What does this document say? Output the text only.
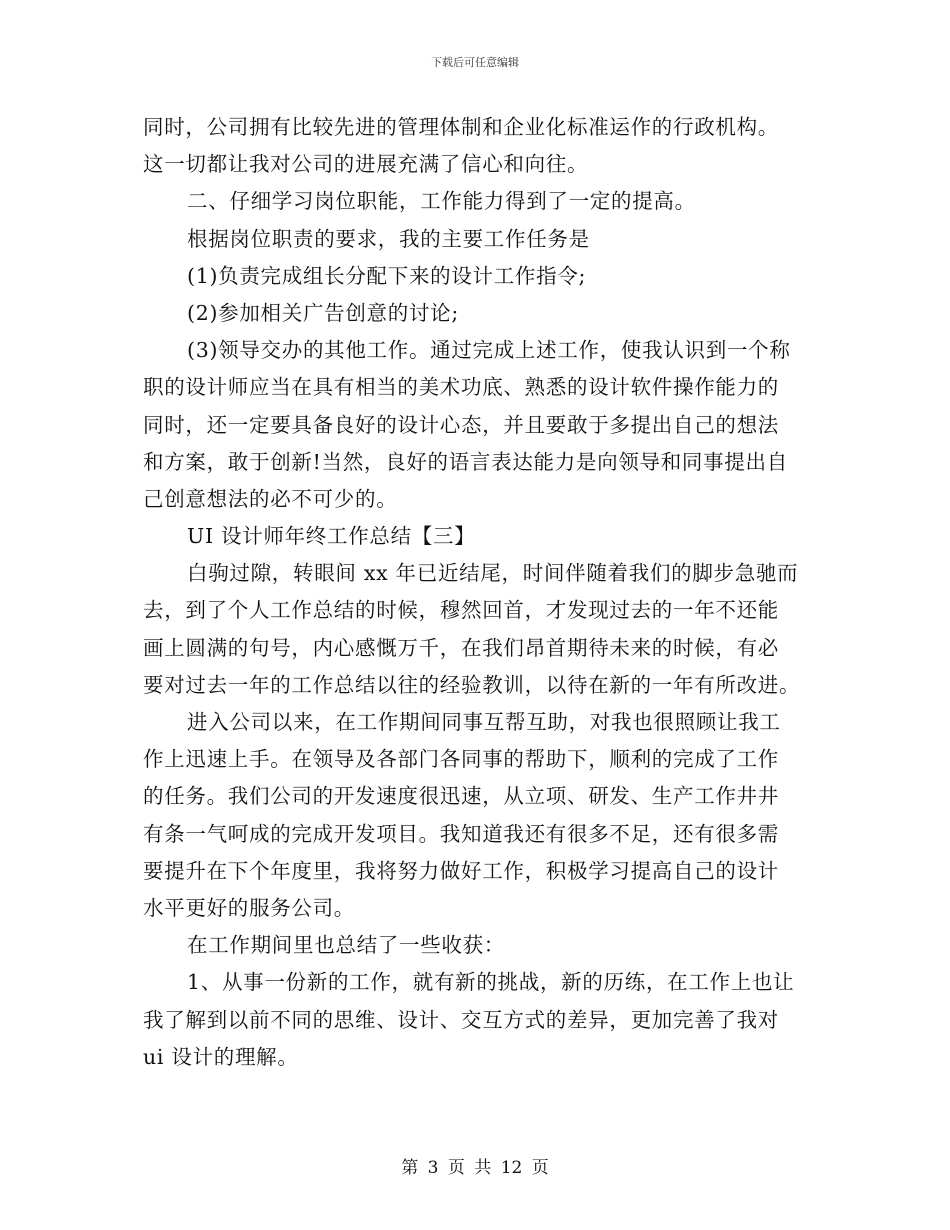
下载后可任意编辑
同时，公司拥有比较先进的管理体制和企业化标准运作的行政机构。
这一切都让我对公司的进展充满了信心和向往。
二、仔细学习岗位职能，工作能力得到了一定的提高。
根据岗位职责的要求，我的主要工作任务是
(1)负责完成组长分配下来的设计工作指令;
(2)参加相关广告创意的讨论;
(3)领导交办的其他工作。通过完成上述工作，使我认识到一个称
职的设计师应当在具有相当的美术功底、熟悉的设计软件操作能力的
同时，还一定要具备良好的设计心态，并且要敢于多提出自己的想法
和方案，敢于创新!当然，良好的语言表达能力是向领导和同事提出自
己创意想法的必不可少的。
UI 设计师年终工作总结【三】
白驹过隙，转眼间 xx 年已近结尾，时间伴随着我们的脚步急驰而
去，到了个人工作总结的时候，穆然回首，才发现过去的一年不还能
画上圆满的句号，内心感慨万千，在我们昂首期待未来的时候，有必
要对过去一年的工作总结以往的经验教训，以待在新的一年有所改进。
进入公司以来，在工作期间同事互帮互助，对我也很照顾让我工
作上迅速上手。在领导及各部门各同事的帮助下，顺利的完成了工作
的任务。我们公司的开发速度很迅速，从立项、研发、生产工作井井
有条一气呵成的完成开发项目。我知道我还有很多不足，还有很多需
要提升在下个年度里，我将努力做好工作，积极学习提高自己的设计
水平更好的服务公司。
在工作期间里也总结了一些收获：
1、从事一份新的工作，就有新的挑战，新的历练，在工作上也让
我了解到以前不同的思维、设计、交互方式的差异，更加完善了我对
ui 设计的理解。
第 3 页 共 12 页
